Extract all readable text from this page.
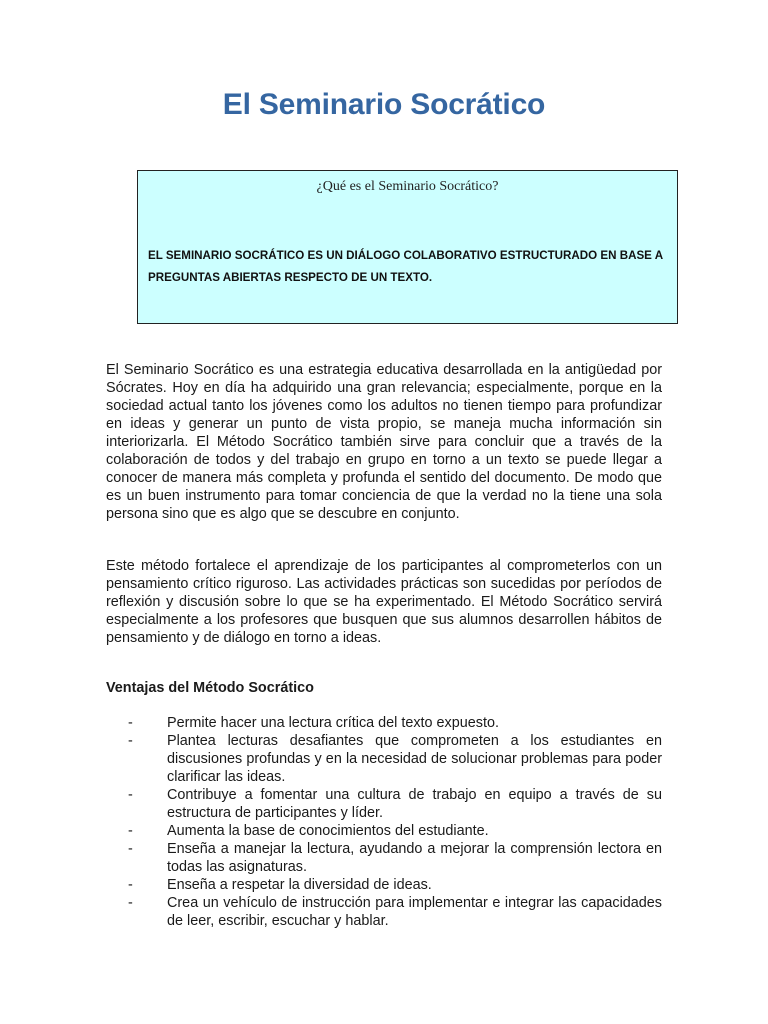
El Seminario Socrático

¿Qué es el Seminario Socrático?

EL SEMINARIO SOCRÁTICO ES UN DIÁLOGO COLABORATIVO ESTRUCTURADO EN BASE A PREGUNTAS ABIERTAS RESPECTO DE UN TEXTO.

El Seminario Socrático es una estrategia educativa desarrollada en la antigüedad por Sócrates. Hoy en día ha adquirido una gran relevancia; especialmente, porque en la sociedad actual tanto los jóvenes como los adultos no tienen tiempo para profundizar en ideas y generar un punto de vista propio, se maneja mucha información sin interiorizarla. El Método Socrático también sirve para concluir que a través de la colaboración de todos y del trabajo en grupo en torno a un texto se puede llegar a conocer de manera más completa y profunda el sentido del documento. De modo que es un buen instrumento para tomar conciencia de que la verdad no la tiene una sola persona sino que es algo que se descubre en conjunto.

Este método fortalece el aprendizaje de los participantes al comprometerlos con un pensamiento crítico riguroso. Las actividades prácticas son sucedidas por períodos de reflexión y discusión sobre lo que se ha experimentado. El Método Socrático servirá especialmente a los profesores que busquen que sus alumnos desarrollen hábitos de pensamiento y de diálogo en torno a ideas.

Ventajas del Método Socrático
- Permite hacer una lectura crítica del texto expuesto.
- Plantea lecturas desafiantes que comprometen a los estudiantes en discusiones profundas y en la necesidad de solucionar problemas para poder clarificar las ideas.
- Contribuye a fomentar una cultura de trabajo en equipo a través de su estructura de participantes y líder.
- Aumenta la base de conocimientos del estudiante.
- Enseña a manejar la lectura, ayudando a mejorar la comprensión lectora en todas las asignaturas.
- Enseña a respetar la diversidad de ideas.
- Crea un vehículo de instrucción para implementar e integrar las capacidades de leer, escribir, escuchar y hablar.
